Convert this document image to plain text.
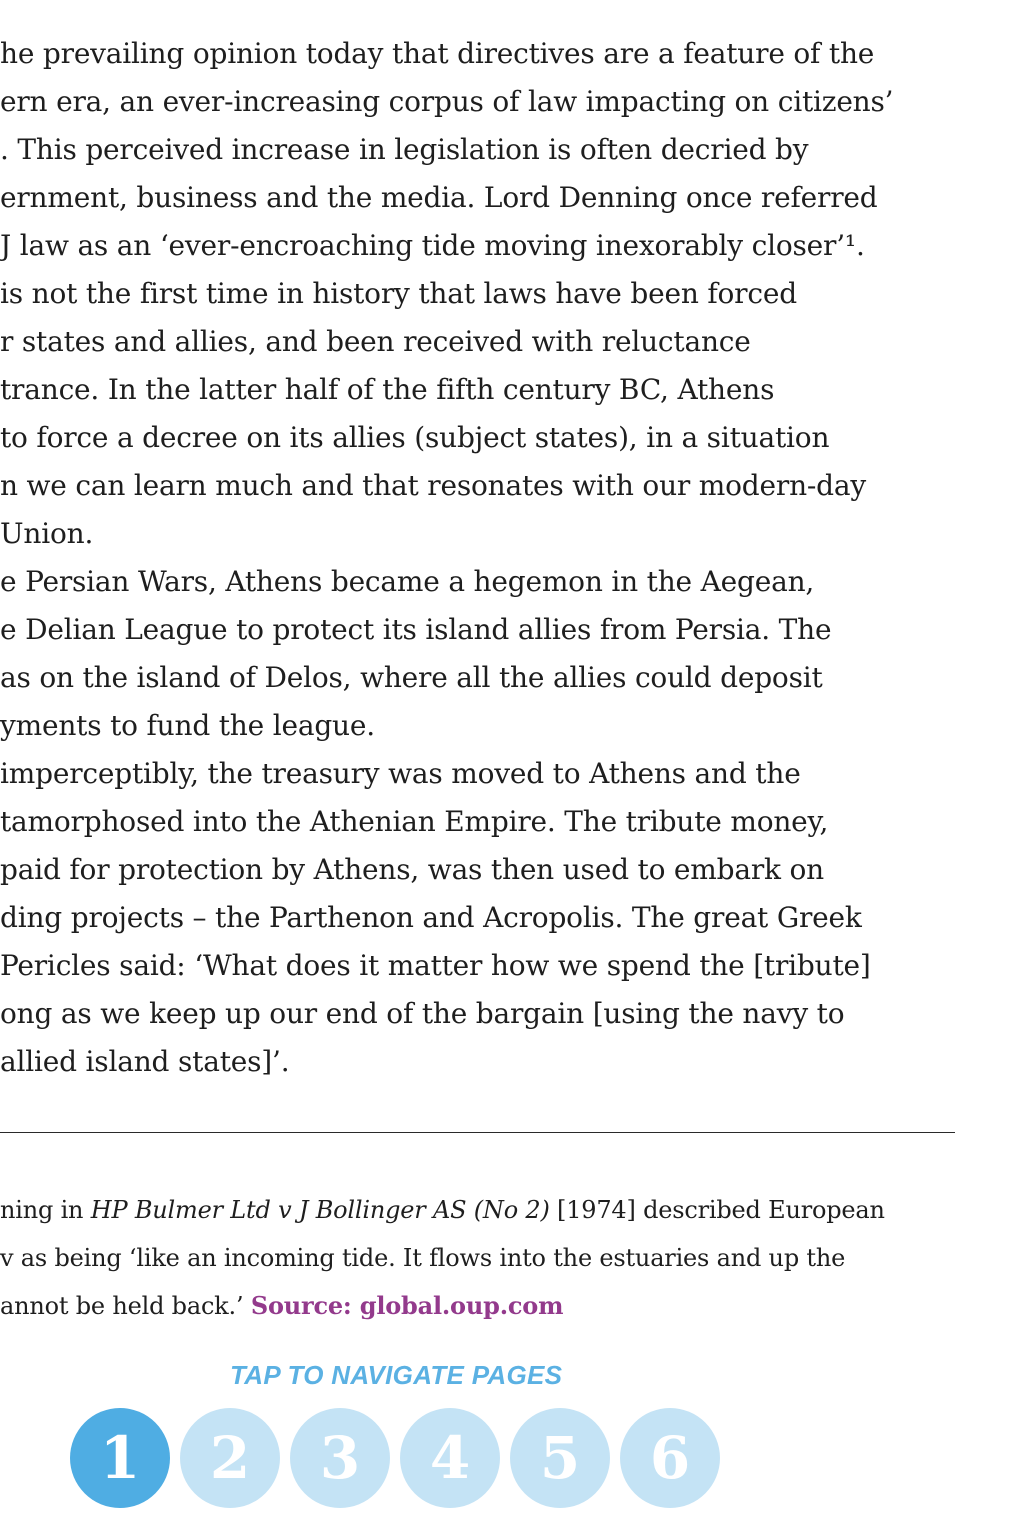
he prevailing opinion today that directives are a feature of the
ern era, an ever-increasing corpus of law impacting on citizens’
. This perceived increase in legislation is often decried by
ernment, business and the media. Lord Denning once referred
J law as an ‘ever-encroaching tide moving inexorably closer’¹.
is not the first time in history that laws have been forced
r states and allies, and been received with reluctance
trance. In the latter half of the fifth century BC, Athens
to force a decree on its allies (subject states), in a situation
n we can learn much and that resonates with our modern-day
Union.
e Persian Wars, Athens became a hegemon in the Aegean,
e Delian League to protect its island allies from Persia. The
as on the island of Delos, where all the allies could deposit
yments to fund the league.
imperceptibly, the treasury was moved to Athens and the
tamorphosed into the Athenian Empire. The tribute money,
paid for protection by Athens, was then used to embark on
ding projects – the Parthenon and Acropolis. The great Greek
Pericles said: ‘What does it matter how we spend the [tribute]
ong as we keep up our end of the bargain [using the navy to
allied island states]’.
ning in HP Bulmer Ltd v J Bollinger AS (No 2) [1974] described European
v as being ‘like an incoming tide. It flows into the estuaries and up the
annot be held back.’ Source: global.oup.com
TAP TO NAVIGATE PAGES
1	2	3	4	5	6
